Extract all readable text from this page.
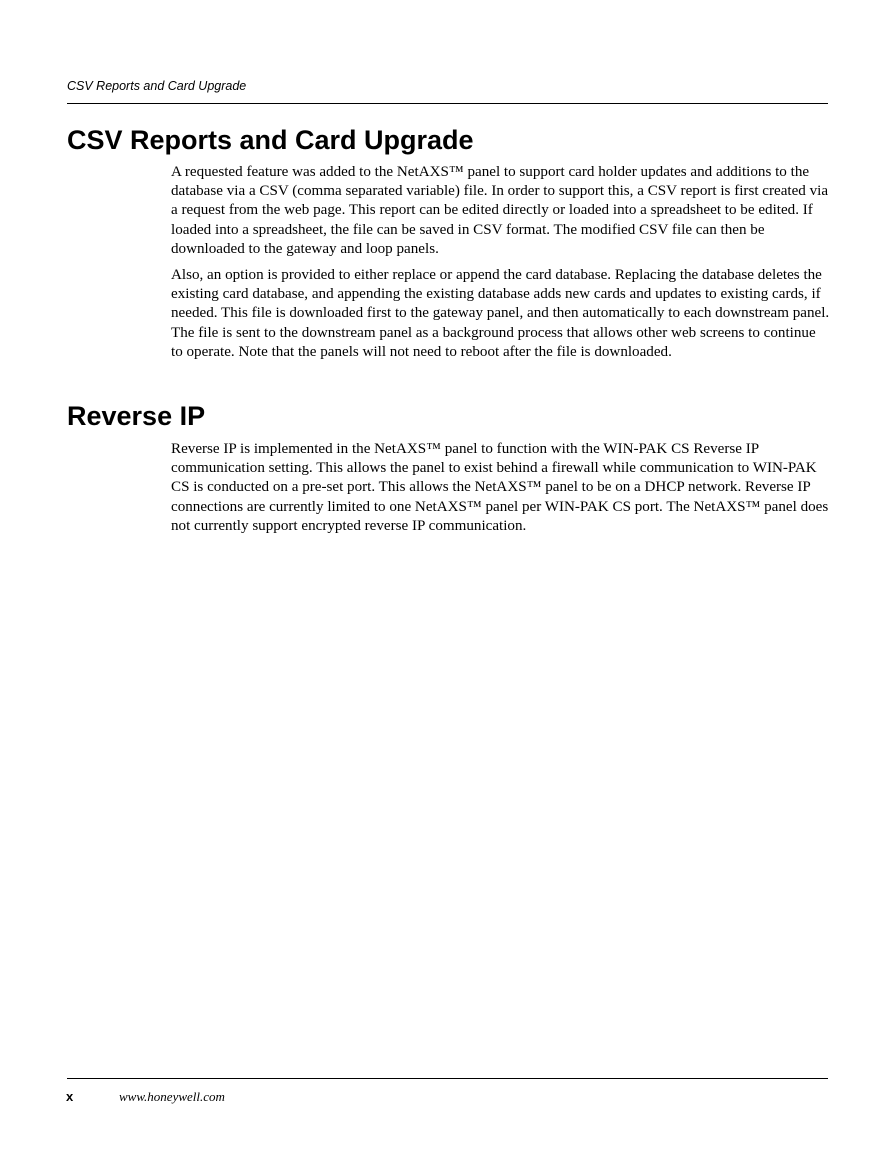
CSV Reports and Card Upgrade
CSV Reports and Card Upgrade

A requested feature was added to the NetAXS™ panel to support card holder updates and additions to the database via a CSV (comma separated variable) file. In order to support this, a CSV report is first created via a request from the web page. This report can be edited directly or loaded into a spreadsheet to be edited. If loaded into a spreadsheet, the file can be saved in CSV format. The modified CSV file can then be downloaded to the gateway and loop panels.

Also, an option is provided to either replace or append the card database. Replacing the database deletes the existing card database, and appending the existing database adds new cards and updates to existing cards, if needed. This file is downloaded first to the gateway panel, and then automatically to each downstream panel. The file is sent to the downstream panel as a background process that allows other web screens to continue to operate. Note that the panels will not need to reboot after the file is downloaded.

Reverse IP

Reverse IP is implemented in the NetAXS™ panel to function with the WIN-PAK CS Reverse IP communication setting. This allows the panel to exist behind a firewall while communication to WIN-PAK CS is conducted on a pre-set port. This allows the NetAXS™ panel to be on a DHCP network. Reverse IP connections are currently limited to one NetAXS™ panel per WIN-PAK CS port. The NetAXS™ panel does not currently support encrypted reverse IP communication.

x	www.honeywell.com
